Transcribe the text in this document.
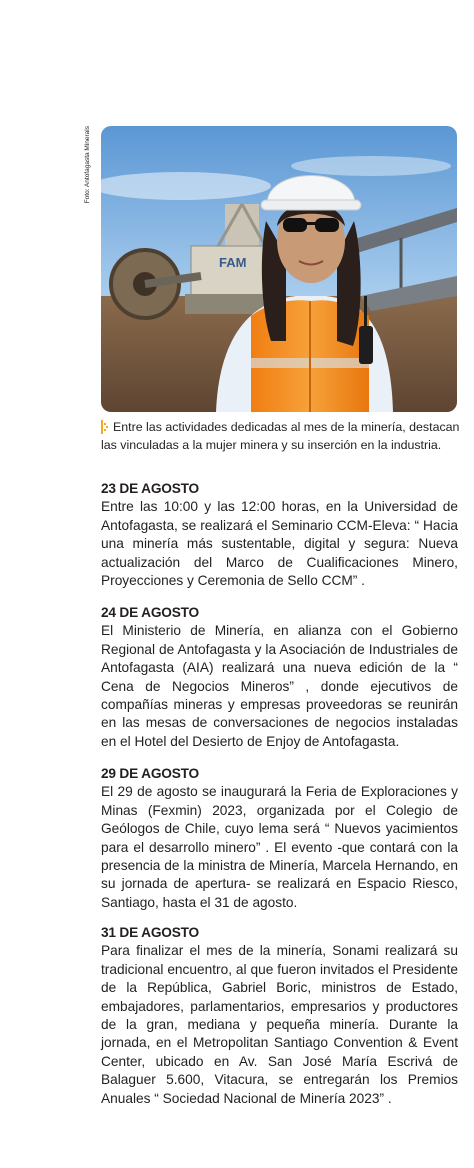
Foto: Antofagasta Minerals
FAM
Entre las actividades dedicadas al mes de la minería, destacan las vinculadas a la mujer minera y su inserción en la industria.
23 DE AGOSTO

Entre las 10:00 y las 12:00 horas, en la Universidad de Antofagasta, se realizará el Seminario CCM-Eleva: “ Hacia una minería más sustentable, digital y segura: Nueva actualización del Marco de Cualificaciones Minero, Proyecciones y Ceremonia de Sello CCM” .

24 DE AGOSTO

El Ministerio de Minería, en alianza con el Gobierno Regional de Antofagasta y la Asociación de Industriales de Antofagasta (AIA) realizará una nueva edición de la “ Cena de Negocios Mineros” , donde ejecutivos de compañías mineras y empresas proveedoras se reunirán en las mesas de conversaciones de negocios instaladas en el Hotel del Desierto de Enjoy de Antofagasta.

29 DE AGOSTO

El 29 de agosto se inaugurará la Feria de Exploraciones y Minas (Fexmin) 2023, organizada por el Colegio de Geólogos de Chile, cuyo lema será “ Nuevos yacimientos para el desarrollo minero” . El evento -que contará con la presencia de la ministra de Minería, Marcela Hernando, en su jornada de apertura- se realizará en Espacio Riesco, Santiago, hasta el 31 de agosto.

31 DE AGOSTO

Para finalizar el mes de la minería, Sonami realizará su tradicional encuentro, al que fueron invitados el Presidente de la República, Gabriel Boric, ministros de Estado, embajadores, parlamentarios, empresarios y productores de la gran, mediana y pequeña minería. Durante la jornada, en el Metropolitan Santiago Convention & Event Center, ubicado en Av. San José María Escrivá de Balaguer 5.600, Vitacura, se entregarán los Premios Anuales “ Sociedad Nacional de Minería 2023” .
